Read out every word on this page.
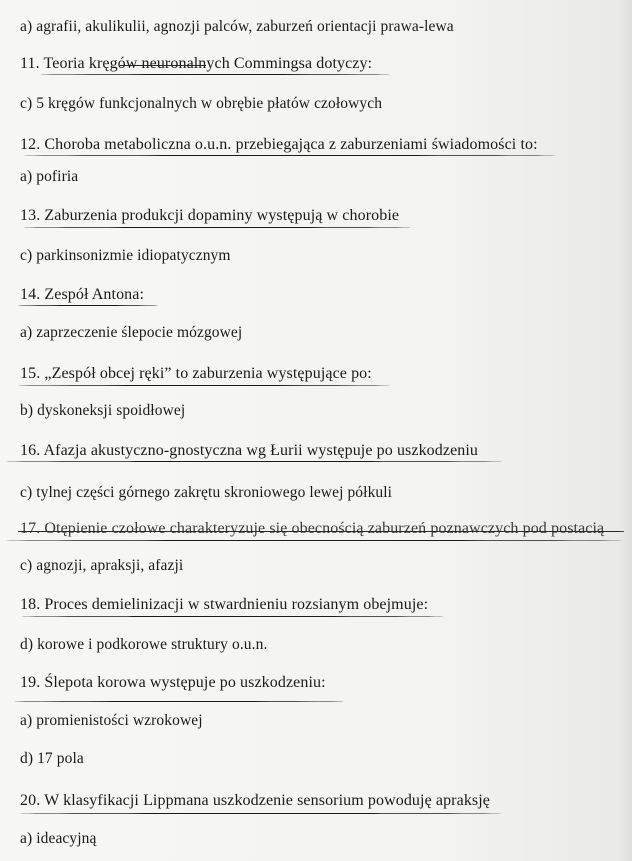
a) agrafii, akulikulii, agnozji palców, zaburzeń orientacji prawa-lewa
11. Teoria kręgów neuronalnych Commingsa dotyczy:
c) 5 kręgów funkcjonalnych w obrębie płatów czołowych
12. Choroba metaboliczna o.u.n. przebiegająca z zaburzeniami świadomości to:
a) pofiria
13. Zaburzenia produkcji dopaminy występują w chorobie
c) parkinsonizmie idiopatycznym
14. Zespół Antona:
a) zaprzeczenie ślepocie mózgowej
15. „Zespół obcej ręki” to zaburzenia występujące po:
b) dyskoneksji spoidłowej
16. Afazja akustyczno-gnostyczna wg Łurii występuje po uszkodzeniu
c) tylnej części górnego zakrętu skroniowego lewej półkuli
17. Otępienie czołowe charakteryzuje się obecnością zaburzeń poznawczych pod postacią
c) agnozji, apraksji, afazji
18. Proces demielinizacji w stwardnieniu rozsianym obejmuje:
d) korowe i podkorowe struktury o.u.n.
19. Ślepota korowa występuje po uszkodzeniu:
a) promienistości wzrokowej
d) 17 pola
20. W klasyfikacji Lippmana uszkodzenie sensorium powoduję apraksję
a) ideacyjną
